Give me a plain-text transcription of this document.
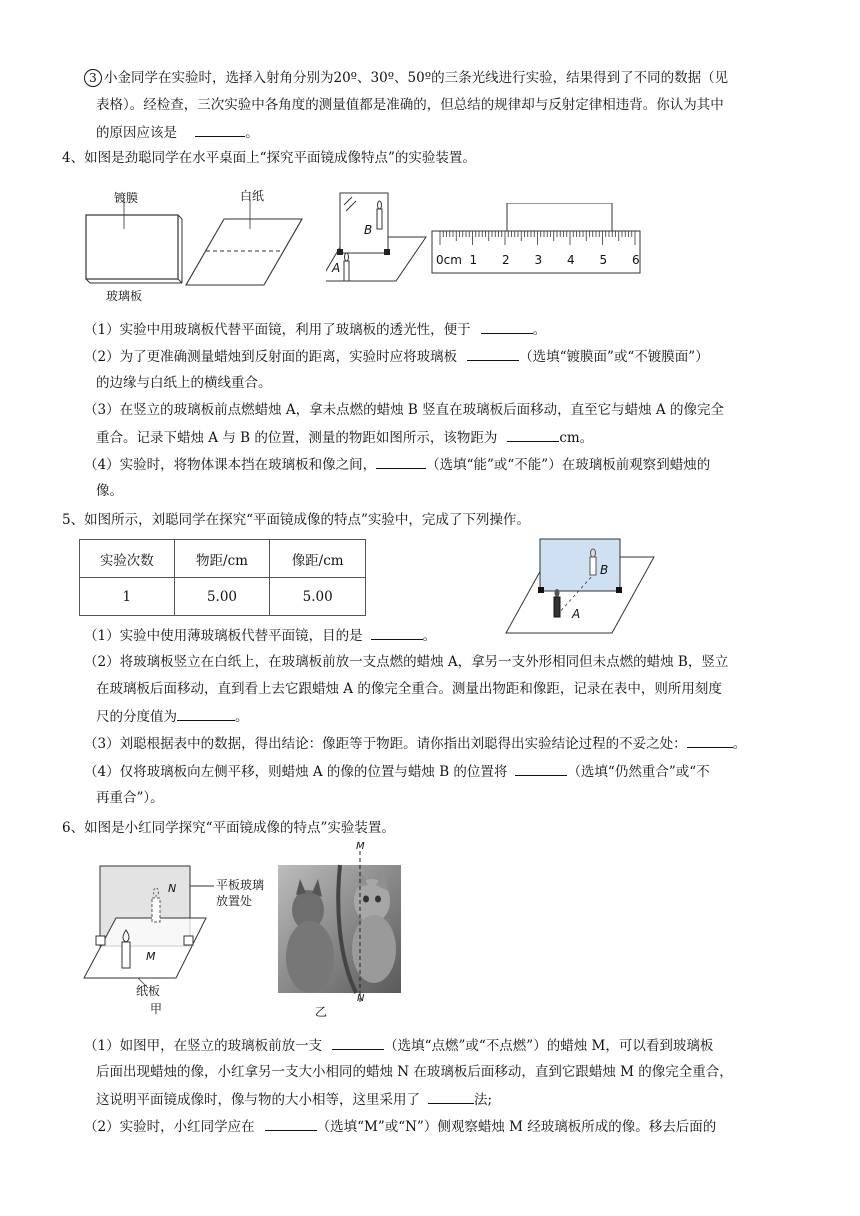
3 小金同学在实验时，选择入射角分别为20º、30º、50º的三条光线进行实验，结果得到了不同的数据（见
表格）。经检查，三次实验中各角度的测量值都是准确的，但总结的规律却与反射定律相违背。你认为其中
的原因应该是	。
4、如图是劲聪同学在水平桌面上“探究平面镜成像特点”的实验装置。
镀膜
玻璃板
白纸
B
A
0cm 1 2 3 4 5 6
（1）实验中用玻璃板代替平面镜，利用了玻璃板的透光性，便于	。
（2）为了更准确测量蜡烛到反射面的距离，实验时应将玻璃板	（选填“镀膜面”或“不镀膜面”）
的边缘与白纸上的横线重合。
（3）在竖立的玻璃板前点燃蜡烛 A，拿未点燃的蜡烛 B 竖直在玻璃板后面移动，直至它与蜡烛 A 的像完全
重合。记录下蜡烛 A 与 B 的位置，测量的物距如图所示，该物距为	cm。
（4）实验时，将物体课本挡在玻璃板和像之间，	（选填“能”或“不能”）在玻璃板前观察到蜡烛的
像。
5、如图所示，刘聪同学在探究“平面镜成像的特点”实验中，完成了下列操作。
实验次数	物距/cm	像距/cm
1	5.00	5.00
B
A
（1）实验中使用薄玻璃板代替平面镜，目的是	。
（2）将玻璃板竖立在白纸上，在玻璃板前放一支点燃的蜡烛 A，拿另一支外形相同但未点燃的蜡烛 B，竖立
在玻璃板后面移动，直到看上去它跟蜡烛 A 的像完全重合。测量出物距和像距，记录在表中，则所用刻度
尺的分度值为	。
（3）刘聪根据表中的数据，得出结论：像距等于物距。请你指出刘聪得出实验结论过程的不妥之处：	。
（4）仅将玻璃板向左侧平移，则蜡烛 A 的像的位置与蜡烛 B 的位置将	（选填“仍然重合”或“不
再重合”）。
6、如图是小红同学探究“平面镜成像的特点”实验装置。
平板玻璃
放置处
N
M
纸板
甲
M
N
乙
（1）如图甲，在竖立的玻璃板前放一支	（选填“点燃”或“不点燃”）的蜡烛 M，可以看到玻璃板
后面出现蜡烛的像，小红拿另一支大小相同的蜡烛 N 在玻璃板后面移动，直到它跟蜡烛 M 的像完全重合，
这说明平面镜成像时，像与物的大小相等，这里采用了	法;
（2）实验时，小红同学应在	（选填“M”或“N”）侧观察蜡烛 M 经玻璃板所成的像。移去后面的
